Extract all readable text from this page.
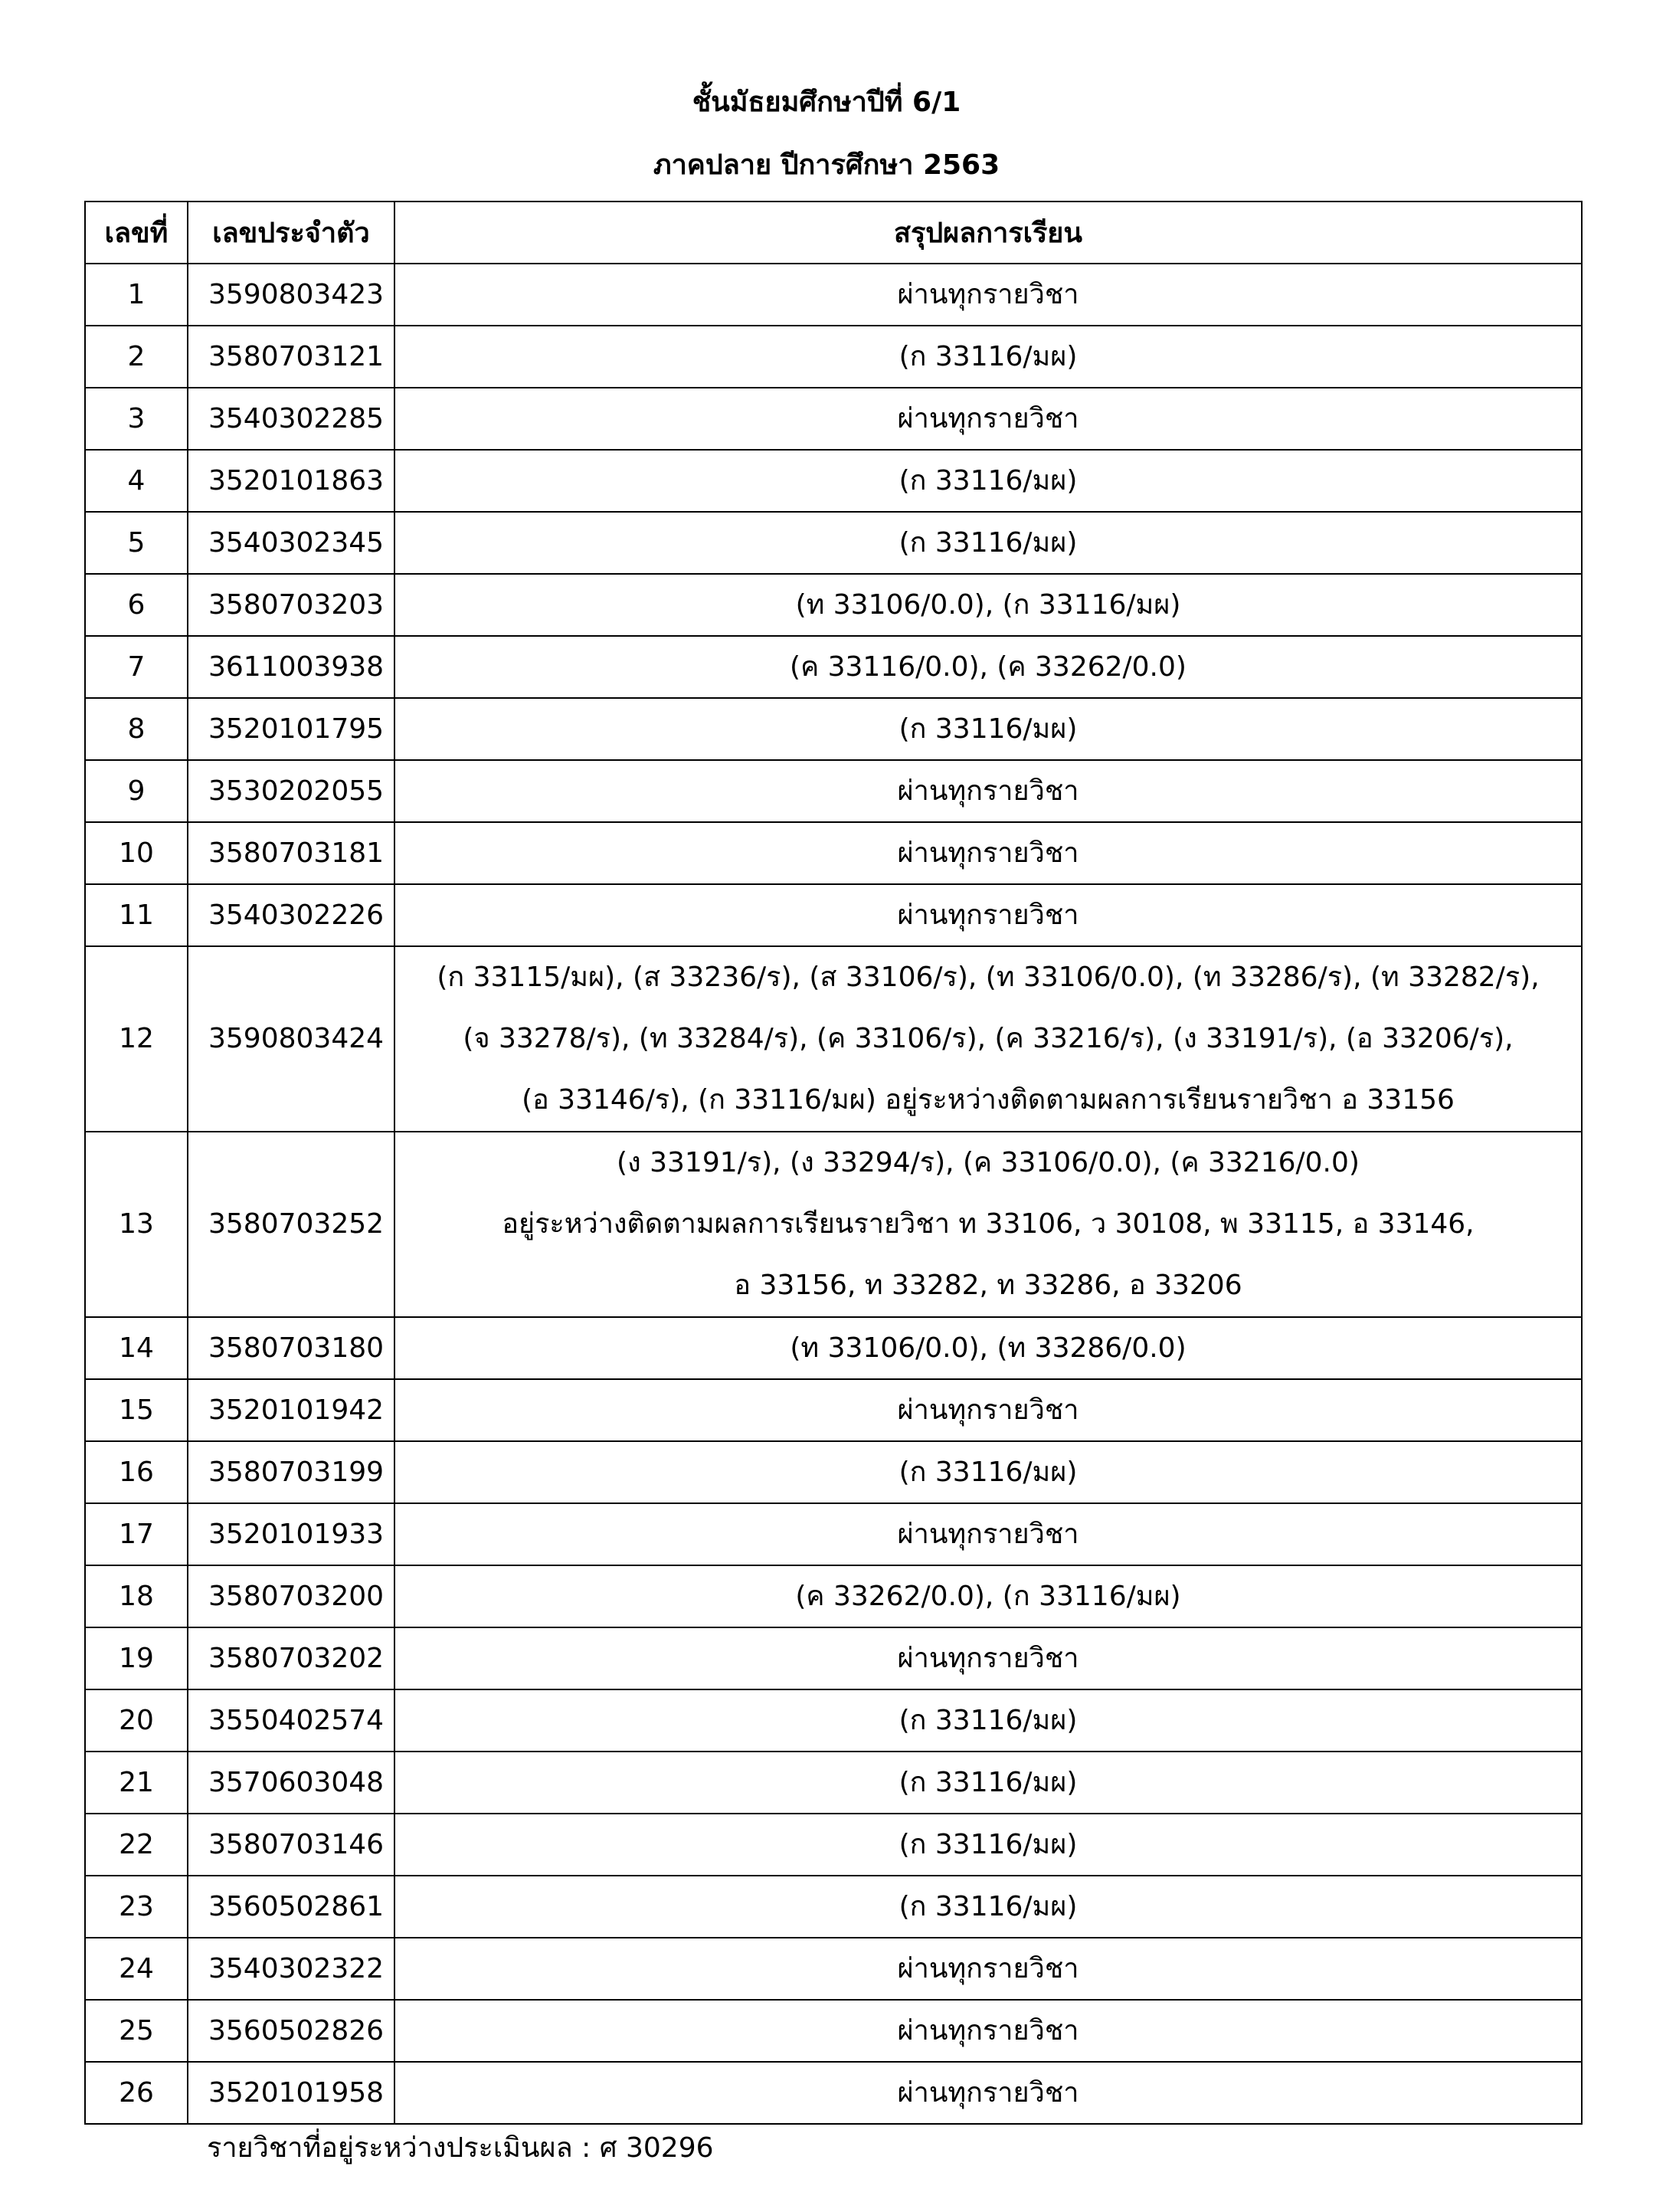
ชั้นมัธยมศึกษาปีที่ 6/1
ภาคปลาย ปีการศึกษา 2563
เลขที่	เลขประจำตัว	สรุปผลการเรียน
1	3590803423	ผ่านทุกรายวิชา

2	3580703121	(ก 33116/มผ)

3	3540302285	ผ่านทุกรายวิชา

4	3520101863	(ก 33116/มผ)

5	3540302345	(ก 33116/มผ)

6	3580703203	(ท 33106/0.0), (ก 33116/มผ)

7	3611003938	(ค 33116/0.0), (ค 33262/0.0)

8	3520101795	(ก 33116/มผ)

9	3530202055	ผ่านทุกรายวิชา

10	3580703181	ผ่านทุกรายวิชา

11	3540302226	ผ่านทุกรายวิชา

12	3590803424	(ก 33115/มผ), (ส 33236/ร), (ส 33106/ร), (ท 33106/0.0), (ท 33286/ร), (ท 33282/ร),
(จ 33278/ร), (ท 33284/ร), (ค 33106/ร), (ค 33216/ร), (ง 33191/ร), (อ 33206/ร),
(อ 33146/ร), (ก 33116/มผ) อยู่ระหว่างติดตามผลการเรียนรายวิชา อ 33156

13	3580703252	(ง 33191/ร), (ง 33294/ร), (ค 33106/0.0), (ค 33216/0.0)
อยู่ระหว่างติดตามผลการเรียนรายวิชา ท 33106, ว 30108, พ 33115, อ 33146,
อ 33156, ท 33282, ท 33286, อ 33206

14	3580703180	(ท 33106/0.0), (ท 33286/0.0)

15	3520101942	ผ่านทุกรายวิชา

16	3580703199	(ก 33116/มผ)

17	3520101933	ผ่านทุกรายวิชา

18	3580703200	(ค 33262/0.0), (ก 33116/มผ)

19	3580703202	ผ่านทุกรายวิชา

20	3550402574	(ก 33116/มผ)

21	3570603048	(ก 33116/มผ)

22	3580703146	(ก 33116/มผ)

23	3560502861	(ก 33116/มผ)

24	3540302322	ผ่านทุกรายวิชา

25	3560502826	ผ่านทุกรายวิชา

26	3520101958	ผ่านทุกรายวิชา
รายวิชาที่อยู่ระหว่างประเมินผล : ศ 30296
